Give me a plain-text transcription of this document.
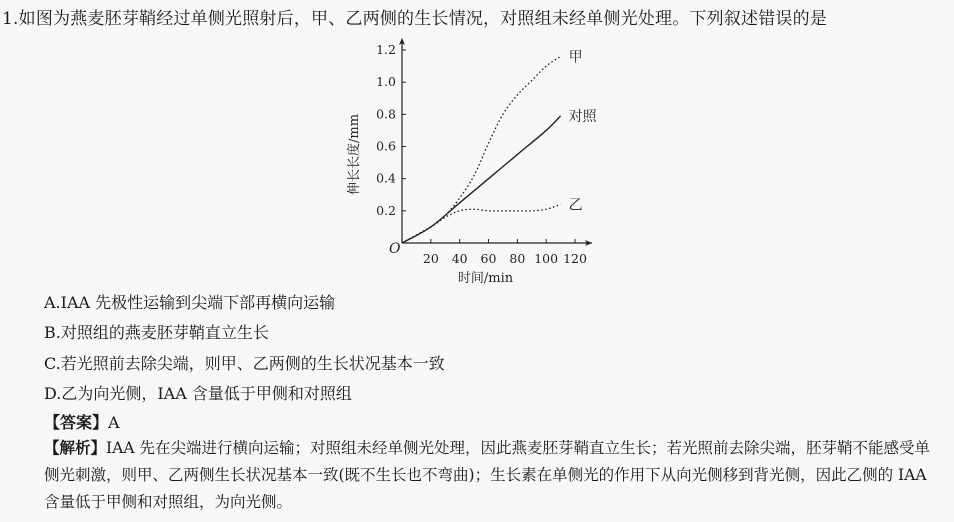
1.如图为燕麦胚芽鞘经过单侧光照射后，甲、乙两侧的生长情况，对照组未经单侧光处理。下列叙述错误的是
20 40 60 80 100 120
0.2
0.4
0.6
0.8
1.0
1.2
O
时间/min
伸长长度/mm
甲
对照
乙
A.IAA 先极性运输到尖端下部再横向运输
B.对照组的燕麦胚芽鞘直立生长
C.若光照前去除尖端，则甲、乙两侧的生长状况基本一致
D.乙为向光侧，IAA 含量低于甲侧和对照组
【答案】A
【解析】IAA 先在尖端进行横向运输；对照组未经单侧光处理，因此燕麦胚芽鞘直立生长；若光照前去除尖端，胚芽鞘不能感受单侧光刺激，则甲、乙两侧生长状况基本一致(既不生长也不弯曲)；生长素在单侧光的作用下从向光侧移到背光侧，因此乙侧的 IAA 含量低于甲侧和对照组，为向光侧。
